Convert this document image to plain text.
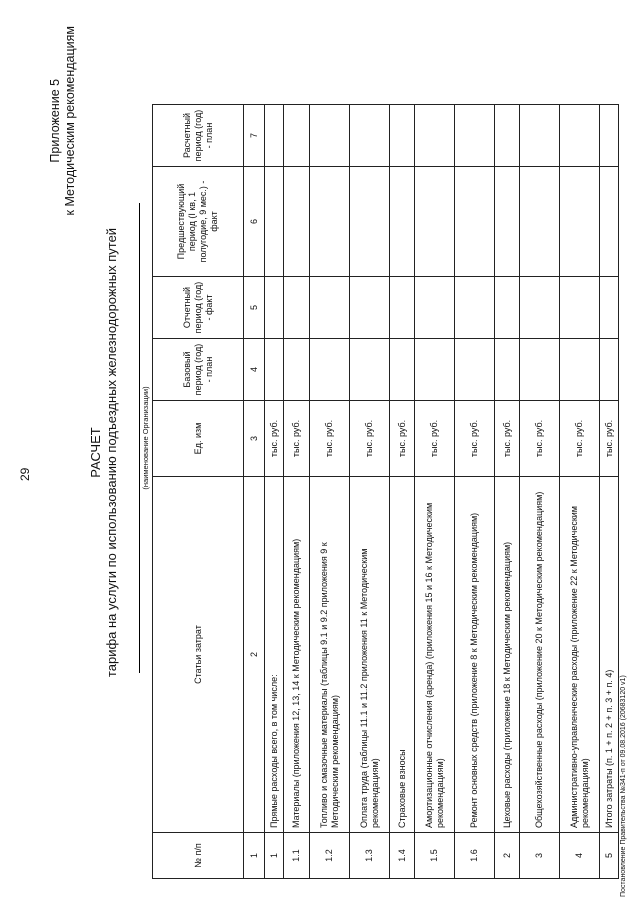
29
Приложение 5 к Методическим рекомендациям
РАСЧЕТ тарифа на услуги по использованию подъездных железнодорожных путей	(наименование Организации)
№ п/п	Статьи затрат	Ед. изм	Базовый период (год) - план	Отчетный период (год) - факт	Предшествующий период (I кв, 1 полугодие, 9 мес.) - факт	Расчетный период (год) - план
1	2	3	4	5	6	7
1	Прямые расходы всего, в том числе:	тыс. руб.				
1.1	Материалы (приложения 12, 13, 14 к Методическим рекомендациям)	тыс. руб.				
1.2	Топливо и смазочные материалы (таблицы 9.1 и 9.2 приложения 9 к Методическим рекомендациям)	тыс. руб.				
1.3	Оплата труда (таблицы 11.1 и 11.2 приложения 11 к Методическим рекомендациям)	тыс. руб.				
1.4	Страховые взносы	тыс. руб.				
1.5	Амортизационные отчисления (аренда) (приложения 15 и 16 к Методическим рекомендациям)	тыс. руб.				
1.6	Ремонт основных средств (приложение 8 к Методическим рекомендациям)	тыс. руб.				
2	Цеховые расходы (приложение 18 к Методическим рекомендациям)	тыс. руб.				
3	Общехозяйственные расходы (приложение 20 к Методическим рекомендациям)	тыс. руб.				
4	Административно-управленческие расходы (приложение 22 к Методическим рекомендациям)	тыс. руб.				
5	Итого затраты (п. 1 + п. 2 + п. 3 + п. 4)	тыс. руб.				
Постановление Правительства №341-п от 09.08.2016 (20683120 v1)
